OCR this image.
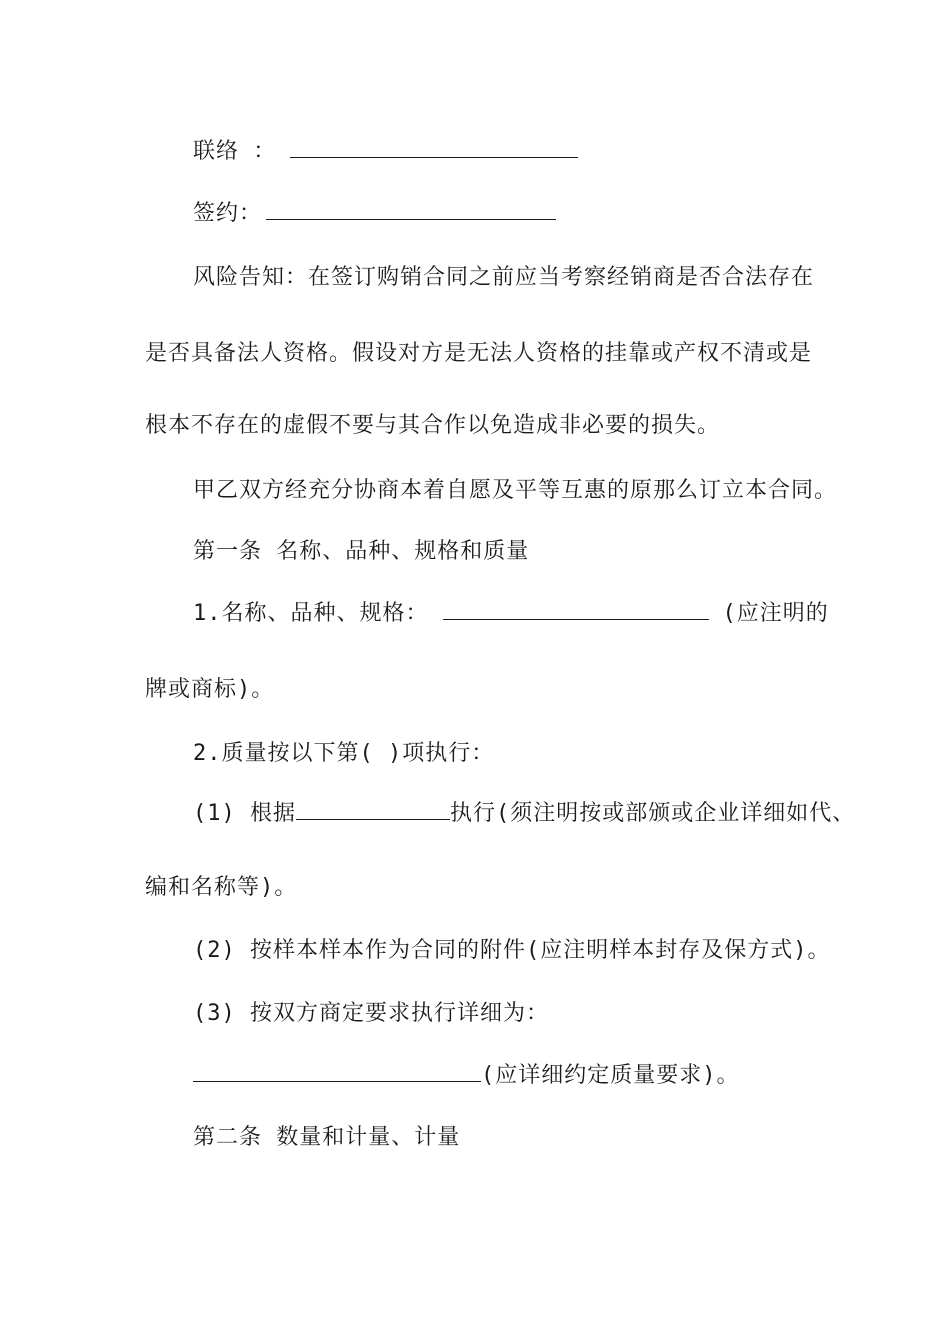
联络 ：
签约：
风险告知：在签订购销合同之前应当考察经销商是否合法存在
是否具备法人资格。假设对方是无法人资格的挂靠或产权不清或是
根本不存在的虚假不要与其合作以免造成非必要的损失。
甲乙双方经充分协商本着自愿及平等互惠的原那么订立本合同。
第一条 名称、品种、规格和质量
1.名称、品种、规格：	(应注明的
牌或商标)。
2.质量按以下第( )项执行：
(1) 根据	执行(须注明按或部颁或企业详细如代、
编和名称等)。
(2) 按样本样本作为合同的附件(应注明样本封存及保方式)。
(3) 按双方商定要求执行详细为：
(应详细约定质量要求)。
第二条 数量和计量、计量
